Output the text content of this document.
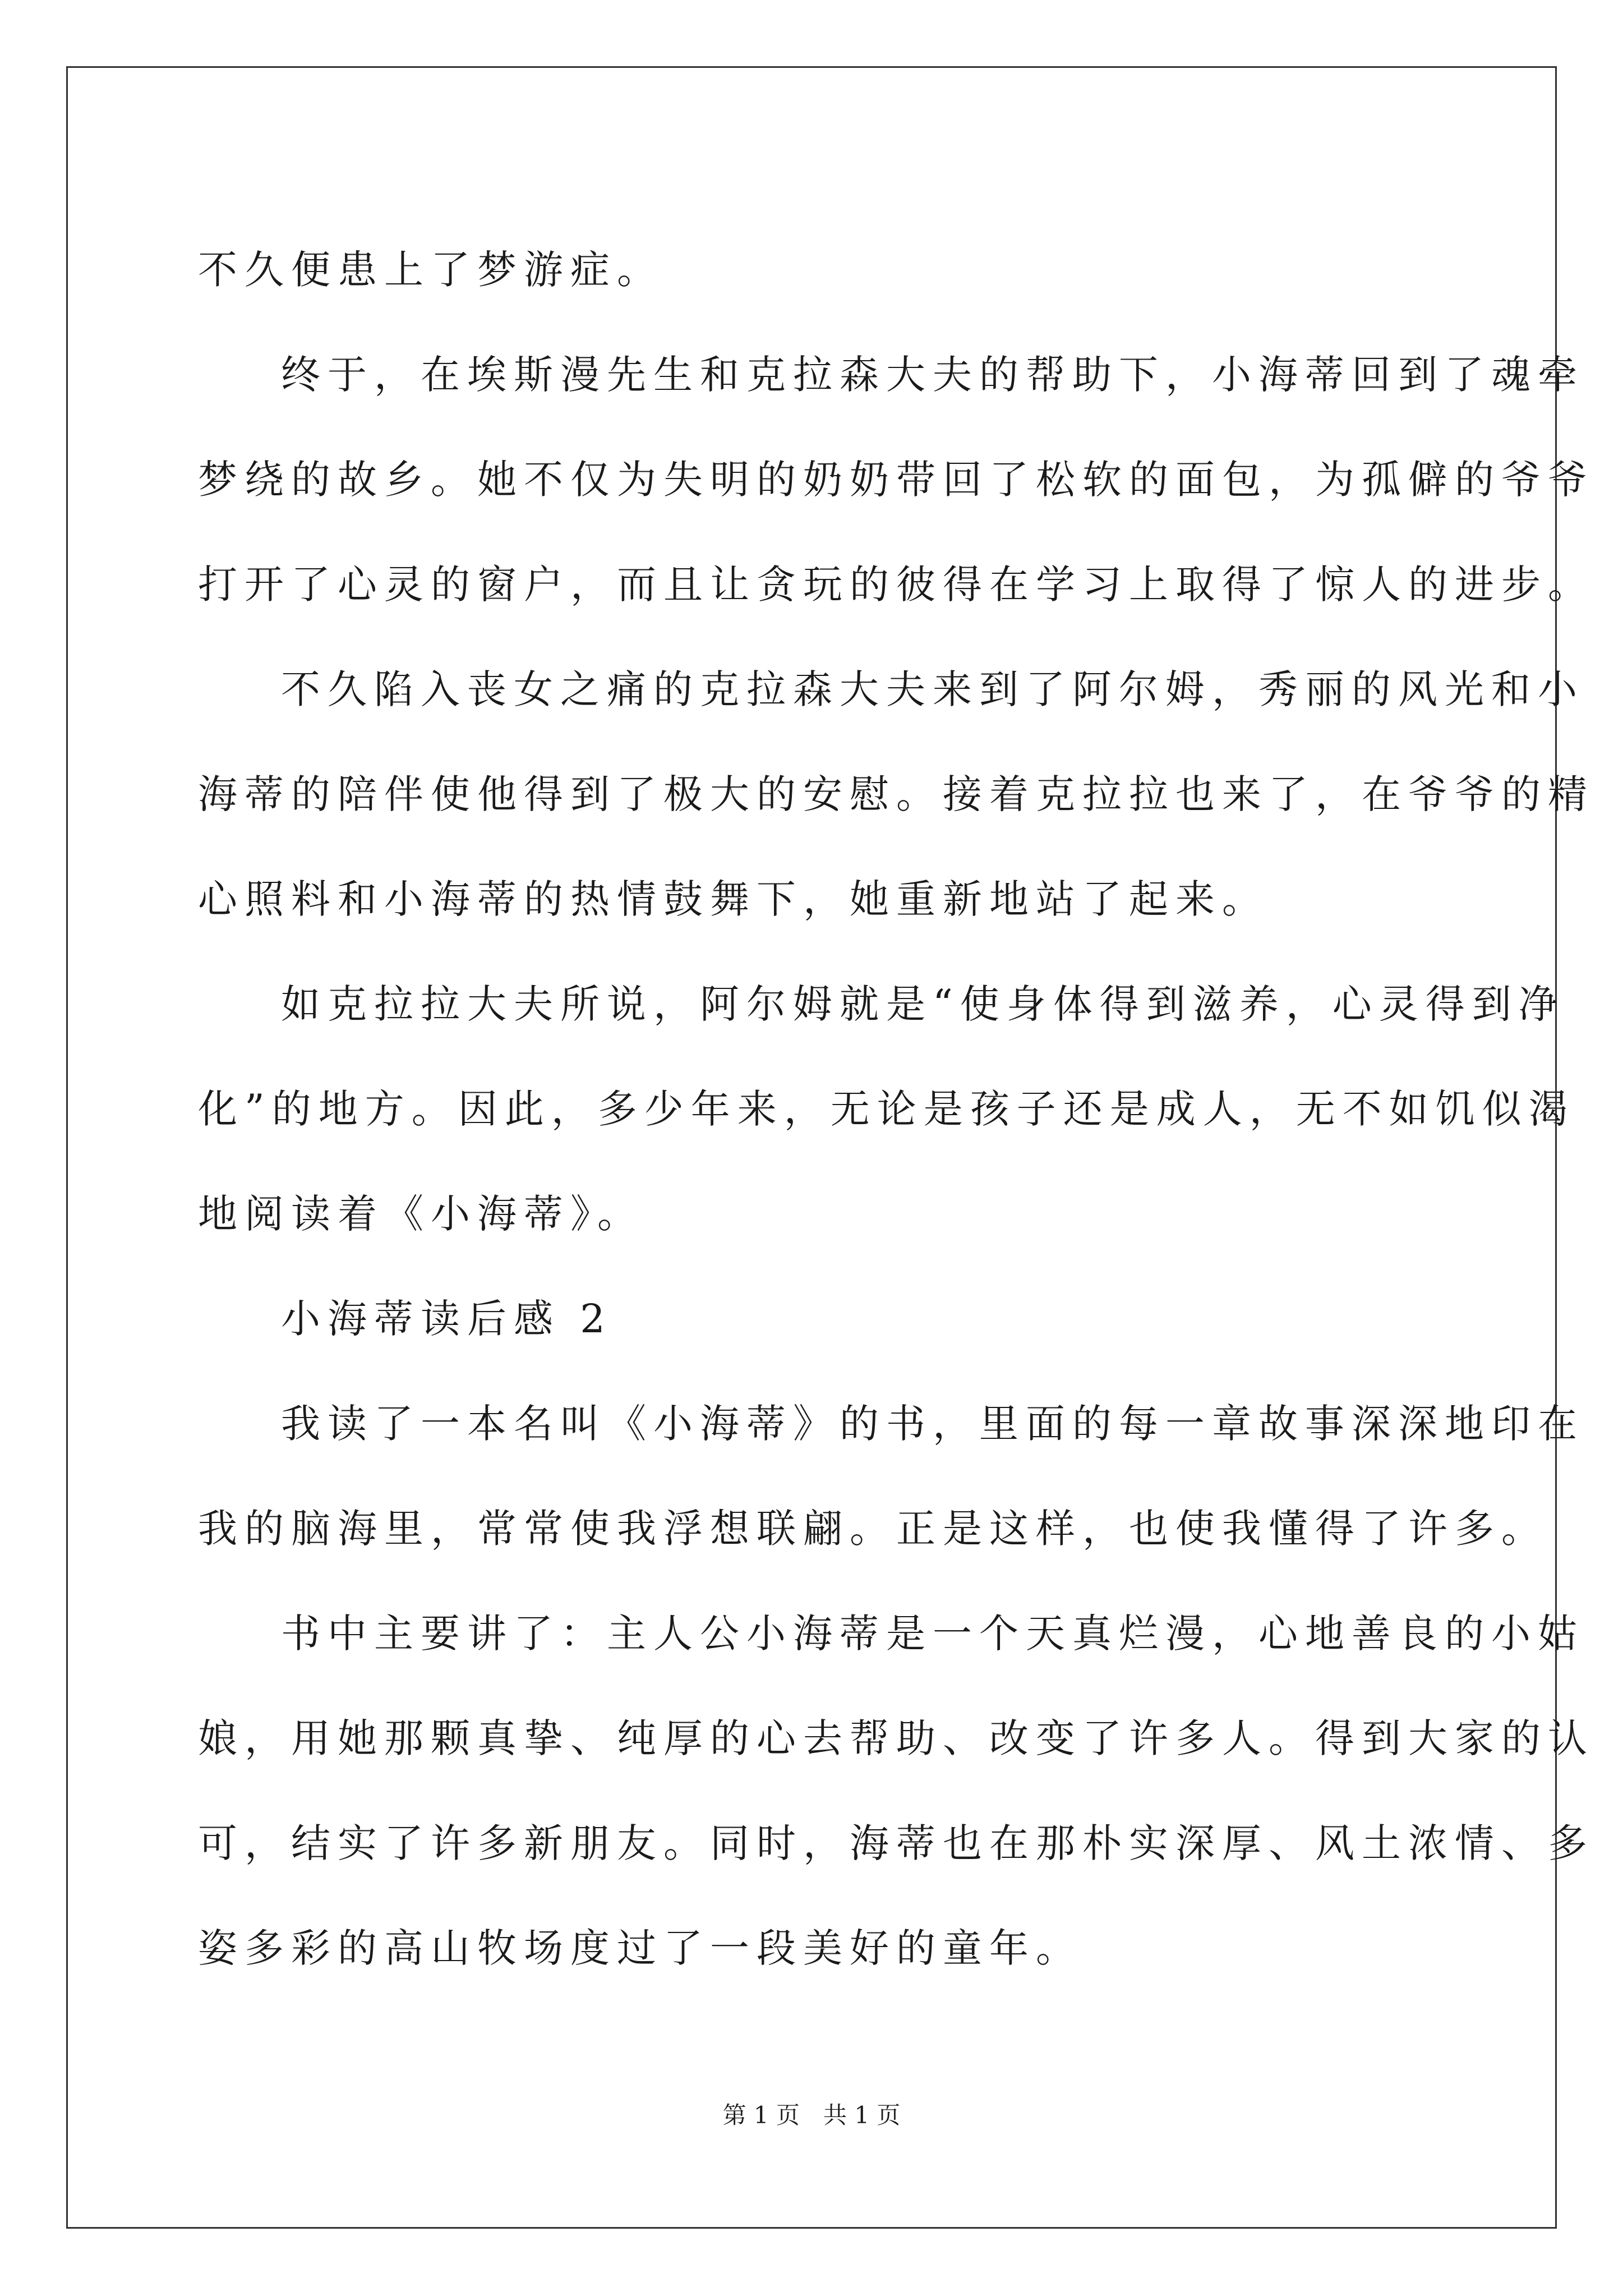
不久便患上了梦游症。

终于，在埃斯漫先生和克拉森大夫的帮助下，小海蒂回到了魂牵

梦绕的故乡。她不仅为失明的奶奶带回了松软的面包，为孤僻的爷爷

打开了心灵的窗户，而且让贪玩的彼得在学习上取得了惊人的进步。

不久陷入丧女之痛的克拉森大夫来到了阿尔姆，秀丽的风光和小

海蒂的陪伴使他得到了极大的安慰。接着克拉拉也来了，在爷爷的精

心照料和小海蒂的热情鼓舞下，她重新地站了起来。

如克拉拉大夫所说，阿尔姆就是“使身体得到滋养，心灵得到净

化”的地方。因此，多少年来，无论是孩子还是成人，无不如饥似渴

地阅读着《小海蒂》。

小海蒂读后感 2

我读了一本名叫《小海蒂》的书，里面的每一章故事深深地印在

我的脑海里，常常使我浮想联翩。正是这样，也使我懂得了许多。

书中主要讲了：主人公小海蒂是一个天真烂漫，心地善良的小姑

娘，用她那颗真挚、纯厚的心去帮助、改变了许多人。得到大家的认

可，结实了许多新朋友。同时，海蒂也在那朴实深厚、风土浓情、多

姿多彩的高山牧场度过了一段美好的童年。

第 1 页　共 1 页
